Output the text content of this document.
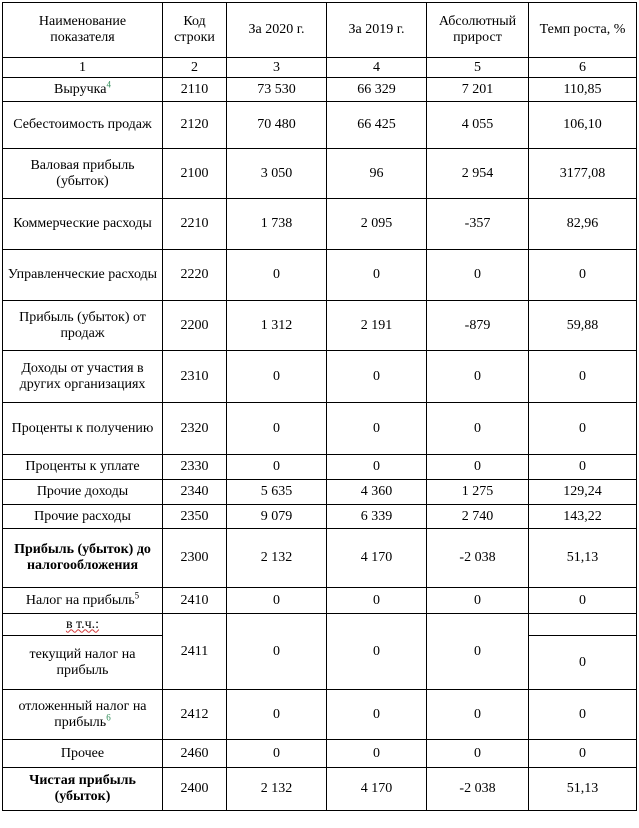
Наименование показателя	Код строки	За 2020 г.	За 2019 г.	Абсолютный прирост	Темп роста, %
1	2	3	4	5	6
Выручка$^4$	2110	73 530	66 329	7 201	110,85
Себестоимость продаж	2120	70 480	66 425	4 055	106,10
Валовая прибыль (убыток)	2100	3 050	96	2 954	3177,08
Коммерческие расходы	2210	1 738	2 095	-357	82,96
Управленческие расходы	2220	0	0	0	0
Прибыль (убыток) от продаж	2200	1 312	2 191	-879	59,88
Доходы от участия в других организациях	2310	0	0	0	0
Проценты к получению	2320	0	0	0	0
Проценты к уплате	2330	0	0	0	0
Прочие доходы	2340	5 635	4 360	1 275	129,24
Прочие расходы	2350	9 079	6 339	2 740	143,22
Прибыль (убыток) до налогообложения	2300	2 132	4 170	-2 038	51,13
Налог на прибыль$^5$	2410	0	0	0	0
в т.ч.:	2411	0	0	0	
текущий налог на прибыль					0
отложенный налог на прибыль$^6$	2412	0	0	0	0
Прочее	2460	0	0	0	0
Чистая прибыль (убыток)	2400	2 132	4 170	-2 038	51,13
